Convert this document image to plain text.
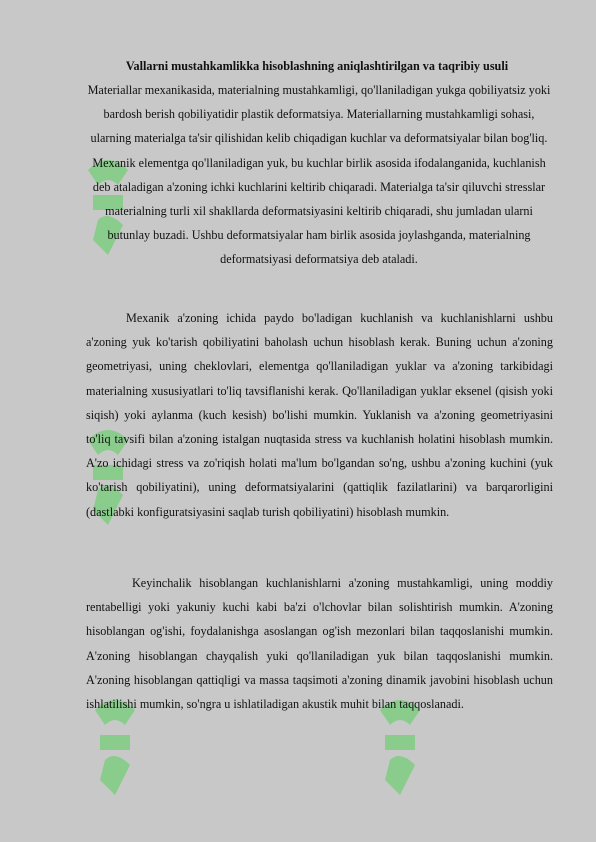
Vallarni mustahkamlikka hisoblashning aniqlashtirilgan va taqribiy usuli
Materiallar mexanikasida, materialning mustahkamligi, qo'llaniladigan yukga qobiliyatsiz yoki bardosh berish qobiliyatidir plastik deformatsiya. Materiallarning mustahkamligi sohasi, ularning materialga ta'sir qilishidan kelib chiqadigan kuchlar va deformatsiyalar bilan bog'liq. Mexanik elementga qo'llaniladigan yuk, bu kuchlar birlik asosida ifodalanganida, kuchlanish deb ataladigan a'zoning ichki kuchlarini keltirib chiqaradi. Materialga ta'sir qiluvchi stresslar materialning turli xil shakllarda deformatsiyasini keltirib chiqaradi, shu jumladan ularni butunlay buzadi. Ushbu deformatsiyalar ham birlik asosida joylashganda, materialning deformatsiyasi deformatsiya deb ataladi.
Mexanik a'zoning ichida paydo bo'ladigan kuchlanish va kuchlanishlarni ushbu a'zoning yuk ko'tarish qobiliyatini baholash uchun hisoblash kerak. Buning uchun a'zoning geometriyasi, uning cheklovlari, elementga qo'llaniladigan yuklar va a'zoning tarkibidagi materialning xususiyatlari to'liq tavsiflanishi kerak. Qo'llaniladigan yuklar eksenel (qisish yoki siqish) yoki aylanma (kuch kesish) bo'lishi mumkin. Yuklanish va a'zoning geometriyasini to'liq tavsifi bilan a'zoning istalgan nuqtasida stress va kuchlanish holatini hisoblash mumkin. A'zo ichidagi stress va zo'riqish holati ma'lum bo'lgandan so'ng, ushbu a'zoning kuchini (yuk ko'tarish qobiliyatini), uning deformatsiyalarini (qattiqlik fazilatlarini) va barqarorligini (dastlabki konfiguratsiyasini saqlab turish qobiliyatini) hisoblash mumkin.
Keyinchalik hisoblangan kuchlanishlarni a'zoning mustahkamligi, uning moddiy rentabelligi yoki yakuniy kuchi kabi ba'zi o'lchovlar bilan solishtirish mumkin. A'zoning hisoblangan og'ishi, foydalanishga asoslangan og'ish mezonlari bilan taqqoslanishi mumkin. A'zoning hisoblangan chayqalish yuki qo'llaniladigan yuk bilan taqqoslanishi mumkin. A'zoning hisoblangan qattiqligi va massa taqsimoti a'zoning dinamik javobini hisoblash uchun ishlatilishi mumkin, so'ngra u ishlatiladigan akustik muhit bilan taqqoslanadi.
